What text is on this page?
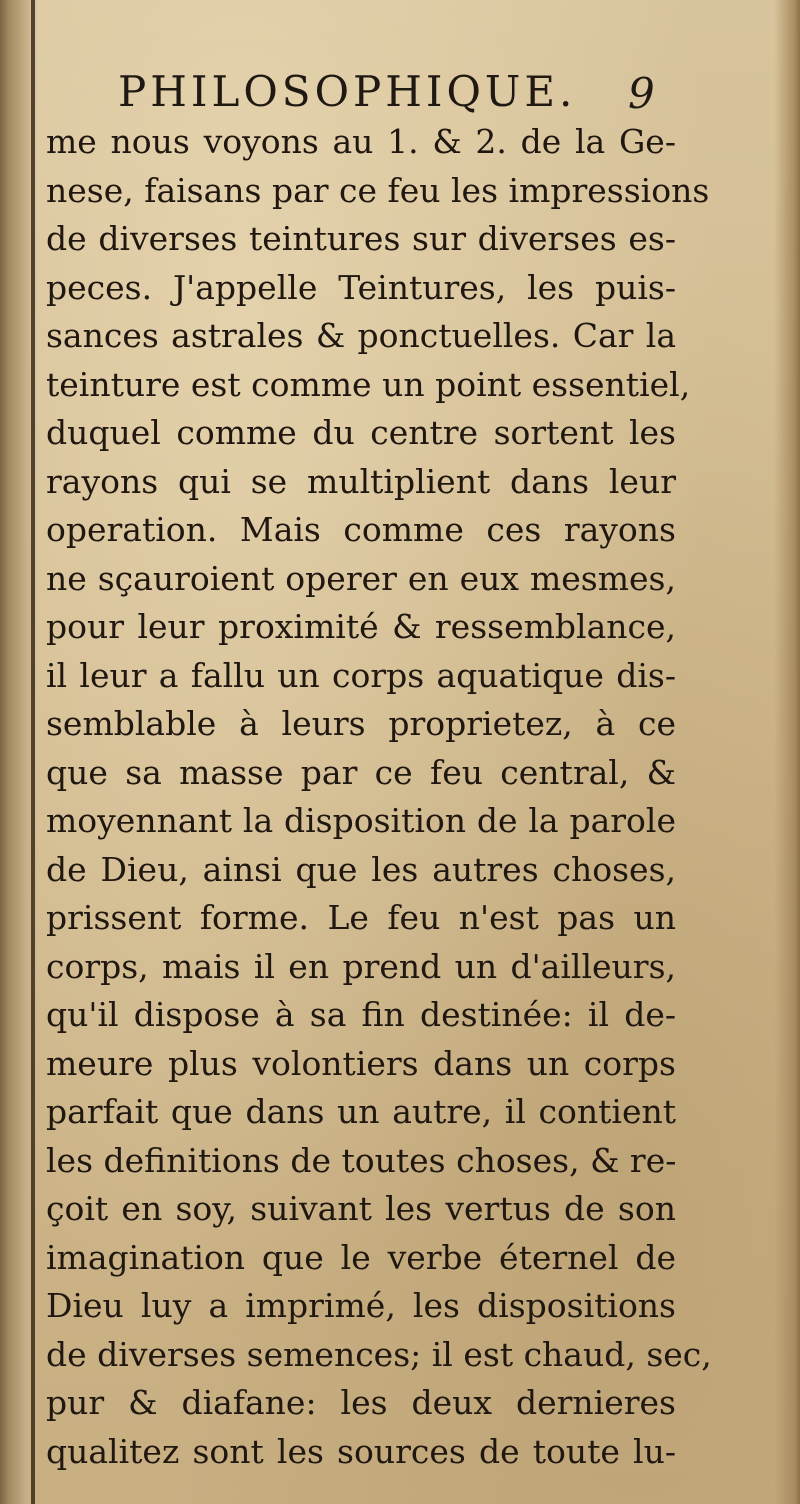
PHILOSOPHIQUE. 9
me nous voyons au 1. & 2. de la Ge-
nese, faisans par ce feu les impressions
de diverses teintures sur diverses es-
peces. J'appelle Teintures, les puis-
sances astrales & ponctuelles. Car la
teinture est comme un point essentiel,
duquel comme du centre sortent les
rayons qui se multiplient dans leur
operation. Mais comme ces rayons
ne sçauroient operer en eux mesmes,
pour leur proximité & ressemblance,
il leur a fallu un corps aquatique dis-
semblable à leurs proprietez, à ce
que sa masse par ce feu central, &
moyennant la disposition de la parole
de Dieu, ainsi que les autres choses,
prissent forme. Le feu n'est pas un
corps, mais il en prend un d'ailleurs,
qu'il dispose à sa fin destinée: il de-
meure plus volontiers dans un corps
parfait que dans un autre, il contient
les definitions de toutes choses, & re-
çoit en soy, suivant les vertus de son
imagination que le verbe éternel de
Dieu luy a imprimé, les dispositions
de diverses semences; il est chaud, sec,
pur & diafane: les deux dernieres
qualitez sont les sources de toute lu-
